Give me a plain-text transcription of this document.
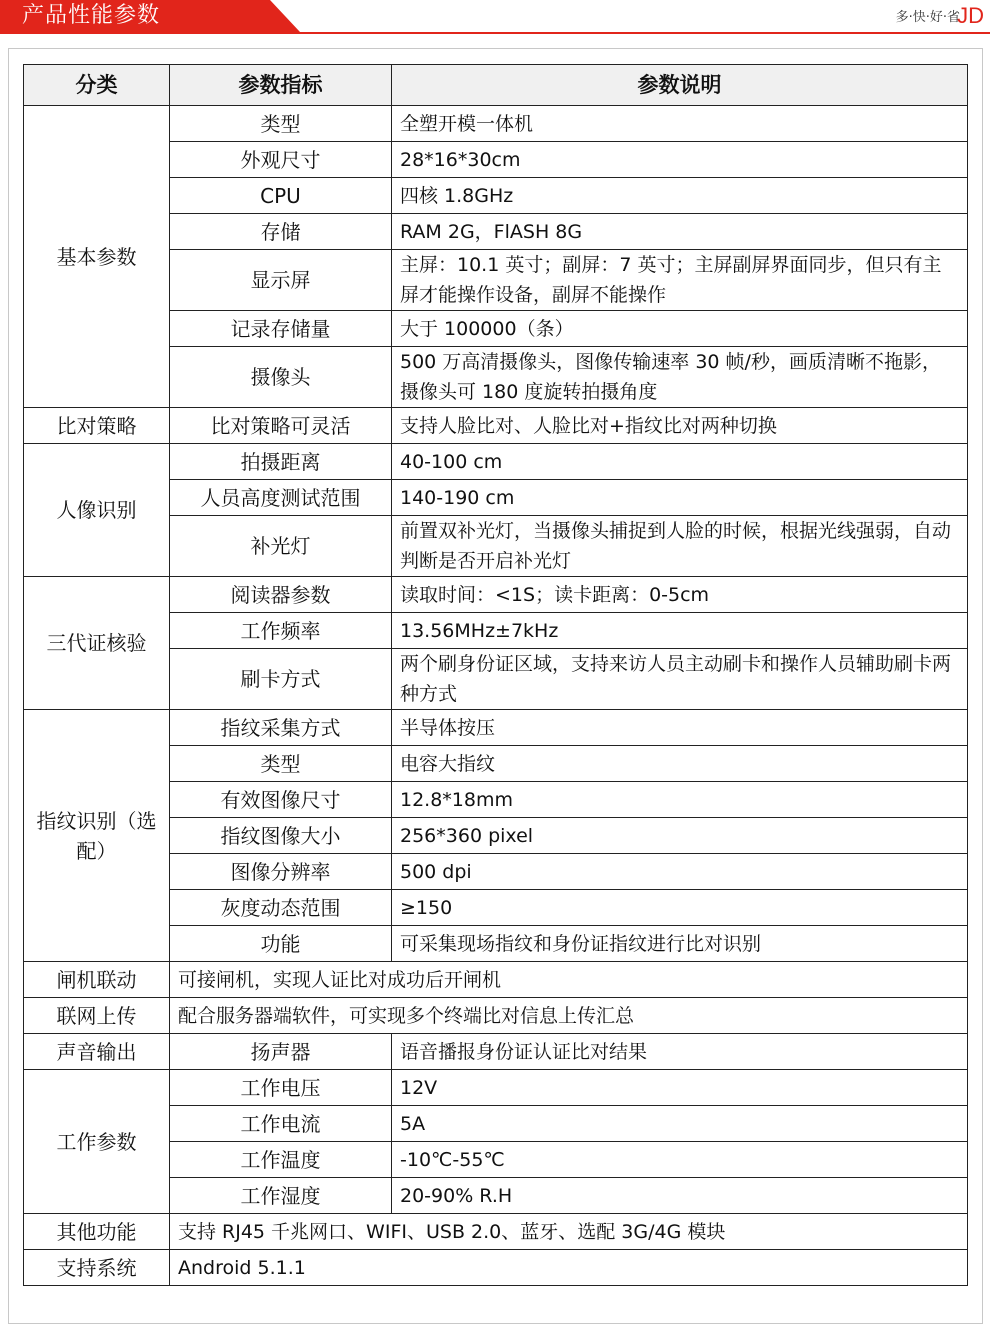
产品性能参数	多·快·好·省
JD
分类	参数指标	参数说明
基本参数	类型	全塑开模一体机
	外观尺寸	28*16*30cm
	CPU	四核 1.8GHz
	存储	RAM 2G，FlASH 8G
	显示屏	主屏：10.1 英寸；副屏：7 英寸；主屏副屏界面同步，但只有主屏才能操作设备，副屏不能操作
	记录存储量	大于 100000（条）
	摄像头	500 万高清摄像头，图像传输速率 30 帧/秒，画质清晰不拖影，摄像头可 180 度旋转拍摄角度
比对策略	比对策略可灵活	支持人脸比对、人脸比对+指纹比对两种切换
人像识别	拍摄距离	40-100 cm
	人员高度测试范围	140-190 cm
	补光灯	前置双补光灯，当摄像头捕捉到人脸的时候，根据光线强弱，自动判断是否开启补光灯
三代证核验	阅读器参数	读取时间：<1S；读卡距离：0-5cm
	工作频率	13.56MHz±7kHz
	刷卡方式	两个刷身份证区域，支持来访人员主动刷卡和操作人员辅助刷卡两种方式
指纹识别（选配）	指纹采集方式	半导体按压
	类型	电容大指纹
	有效图像尺寸	12.8*18mm
	指纹图像大小	256*360 pixel
	图像分辨率	500 dpi
	灰度动态范围	≥150
	功能	可采集现场指纹和身份证指纹进行比对识别
闸机联动	可接闸机，实现人证比对成功后开闸机	
联网上传	配合服务器端软件，可实现多个终端比对信息上传汇总	
声音输出	扬声器	语音播报身份证认证比对结果
工作参数	工作电压	12V
	工作电流	5A
	工作温度	-10℃-55℃
	工作湿度	20-90% R.H
其他功能	支持 RJ45 千兆网口、WIFI、USB 2.0、蓝牙、选配 3G/4G 模块	
支持系统	Android 5.1.1	
